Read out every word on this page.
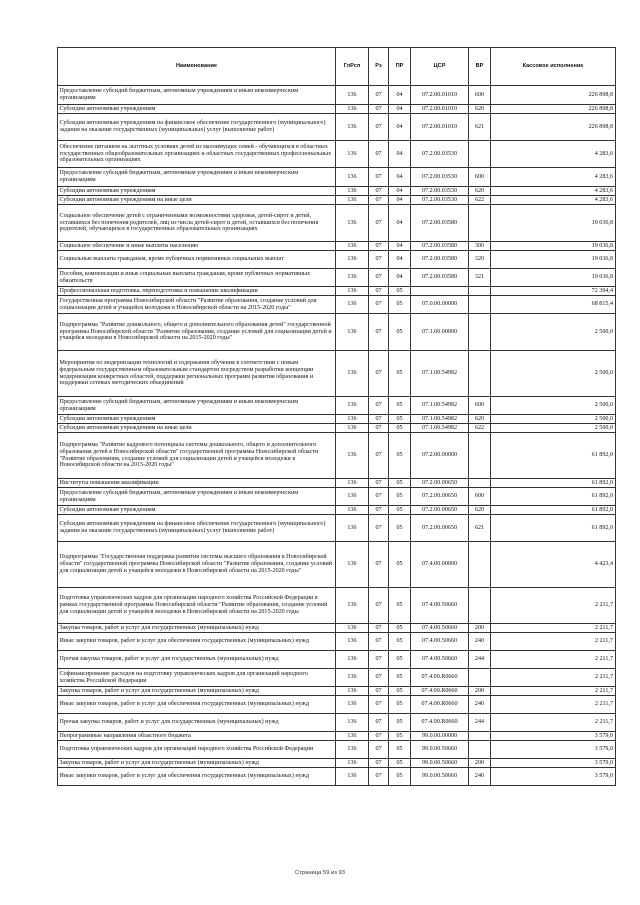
Наименование	ГлРсп	Рз	ПР	ЦСР	ВР	Кассовое исполнение
Предоставление субсидий бюджетным, автономным учреждениям и иным некоммерческим организациям	136	07	04	07.2.00.01010	600	226 898,8
Субсидии автономным учреждениям	136	07	04	07.2.00.01010	620	226 898,8
Субсидии автономным учреждениям на финансовое обеспечение государственного (муниципального) задания на оказание государственных (муниципальных) услуг (выполнение работ)	136	07	04	07.2.00.01010	621	226 898,8
Обеспечение питанием на льготных условиях детей из малоимущих семей - обучающихся в областных государственных общеобразовательных организациях и областных государственных профессиональных образовательных организациях	136	07	04	07.2.00.03530		4 283,6
Предоставление субсидий бюджетным, автономным учреждениям и иным некоммерческим организациям	136	07	04	07.2.00.03530	600	4 283,6
Субсидии автономным учреждениям	136	07	04	07.2.00.03530	620	4 283,6
Субсидии автономным учреждениям на иные цели	136	07	04	07.2.00.03530	622	4 283,6
Социальное обеспечение детей с ограниченными возможностями здоровья, детей-сирот и детей, оставшихся без попечения родителей, лиц из числа детей-сирот и детей, оставшихся без попечения родителей, обучающихся в государственных образовательных организациях	136	07	04	07.2.00.03580		19 036,8
Социальное обеспечение и иные выплаты населению	136	07	04	07.2.00.03580	300	19 036,8
Социальные выплаты гражданам, кроме публичных нормативных социальных выплат	136	07	04	07.2.00.03580	320	19 036,8
Пособия, компенсации и иные социальные выплаты гражданам, кроме публичных нормативных обязательств	136	07	04	07.2.00.03580	321	19 036,8
Профессиональная подготовка, переподготовка и повышение квалификации	136	07	05			72 394,4
Государственная программа Новосибирской области "Развитие образования, создание условий для социализации детей и учащейся молодежи в Новосибирской области на 2015-2020 годы"	136	07	05	07.0.00.00000		68 815,4
Подпрограмма "Развитие дошкольного, общего и дополнительного образования детей" государственной программы Новосибирской области "Развитие образования, создание условий для социализации детей и учащейся молодежи в Новосибирской области на 2015-2020 годы"	136	07	05	07.1.00.00000		2 500,0
Мероприятия по модернизации технологий и содержания обучения в соответствии с новым федеральным государственным образовательным стандартом посредством разработки концепции модернизации конкретных областей, поддержки региональных программ развития образования и поддержки сетевых методических объединений	136	07	05	07.1.00.54982		2 500,0
Предоставление субсидий бюджетным, автономным учреждениям и иным некоммерческим организациям	136	07	05	07.1.00.54982	600	2 500,0
Субсидии автономным учреждениям	136	07	05	07.1.00.54982	620	2 500,0
Субсидии автономным учреждениям на иные цели	136	07	05	07.1.00.54982	622	2 500,0
Подпрограмма "Развитие кадрового потенциала системы дошкольного, общего и дополнительного образования детей в Новосибирской области" государственной программы Новосибирской области "Развитие образования, создание условий для социализации детей и учащейся молодежи в Новосибирской области на 2015-2020 годы"	136	07	05	07.2.00.00000		61 892,0
Институты повышения квалификации	136	07	05	07.2.00.00650		61 892,0
Предоставление субсидий бюджетным, автономным учреждениям и иным некоммерческим организациям	136	07	05	07.2.00.00650	600	61 892,0
Субсидии автономным учреждениям	136	07	05	07.2.00.00650	620	61 892,0
Субсидии автономным учреждениям на финансовое обеспечение государственного (муниципального) задания на оказание государственных (муниципальных) услуг (выполнение работ)	136	07	05	07.2.00.00650	621	61 892,0
Подпрограмма "Государственная поддержка развития системы высшего образования в Новосибирской области" государственной программы Новосибирской области "Развитие образования, создание условий для социализации детей и учащейся молодежи в Новосибирской области на 2015-2020 годы"	136	07	05	07.4.00.00000		4 423,4
Подготовка управленческих кадров для организации народного хозяйства Российской Федерации в рамках государственной программы Новосибирской области "Развитие образования, создание условий для социализации детей и учащейся молодежи в Новосибирской области на 2015-2020 годы	136	07	05	07.4.00.50660		2 211,7
Закупка товаров, работ и услуг для государственных (муниципальных) нужд	136	07	05	07.4.00.50660	200	2 211,7
Иные закупки товаров, работ и услуг для обеспечения государственных (муниципальных) нужд	136	07	05	07.4.00.50660	240	2 211,7
Прочая закупка товаров, работ и услуг для государственных (муниципальных) нужд	136	07	05	07.4.00.50660	244	2 211,7
Софинансирование расходов на подготовку управленческих кадров для организаций народного хозяйства Российской Федерации	136	07	05	07.4.00.R0660		2 211,7
Закупка товаров, работ и услуг для государственных (муниципальных) нужд	136	07	05	07.4.00.R0660	200	2 211,7
Иные закупки товаров, работ и услуг для обеспечения государственных (муниципальных) нужд	136	07	05	07.4.00.R0660	240	2 211,7
Прочая закупка товаров, работ и услуг для государственных (муниципальных) нужд	136	07	05	07.4.00.R0660	244	2 211,7
Непрограммные направления областного бюджета	136	07	05	99.0.00.00000		3 579,0
Подготовка управленческих кадров для организаций народного хозяйства Российской Федерации	136	07	05	99.0.00.50660		3 579,0
Закупка товаров, работ и услуг для государственных (муниципальных) нужд	136	07	05	99.0.00.50660	200	3 579,0
Иные закупки товаров, работ и услуг для обеспечения государственных (муниципальных) нужд	136	07	05	99.0.00.50660	240	3 579,0
Страница 59 из 93
